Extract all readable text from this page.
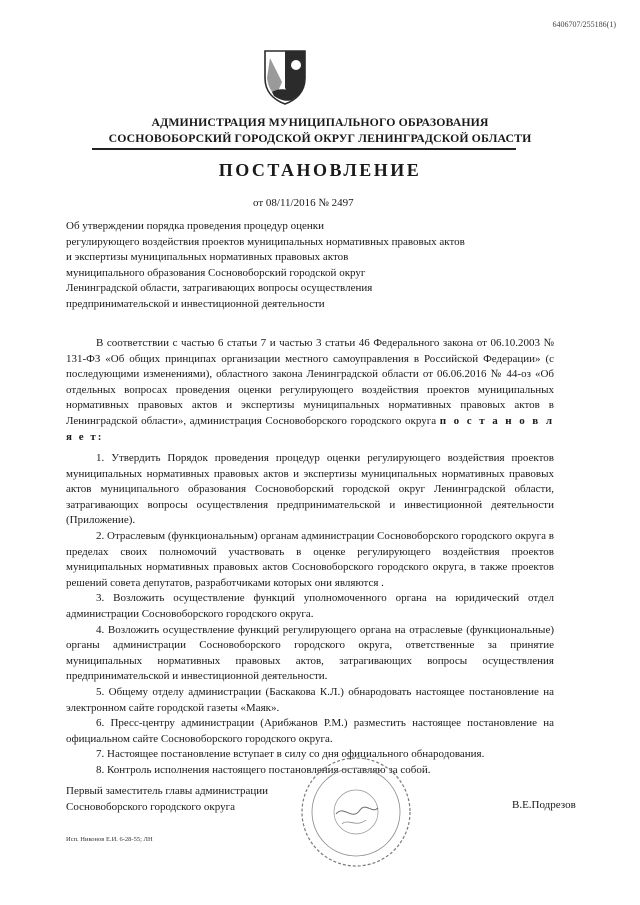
6406707/255186(1)
АДМИНИСТРАЦИЯ МУНИЦИПАЛЬНОГО ОБРАЗОВАНИЯ
СОСНОВОБОРСКИЙ ГОРОДСКОЙ ОКРУГ ЛЕНИНГРАДСКОЙ ОБЛАСТИ
ПОСТАНОВЛЕНИЕ
от 08/11/2016 № 2497
Об утверждении порядка проведения процедур оценки
регулирующего воздействия проектов муниципальных нормативных правовых актов
и экспертизы муниципальных нормативных правовых актов
муниципального образования Сосновоборский городской округ
Ленинградской области, затрагивающих вопросы осуществления
предпринимательской и инвестиционной деятельности

В соответствии с частью 6 статьи 7 и частью 3 статьи 46 Федерального закона от 06.10.2003 № 131-ФЗ «Об общих принципах организации местного самоуправления в Российской Федерации» (с последующими изменениями), областного закона Ленинградской области от 06.06.2016 № 44-оз «Об отдельных вопросах проведения оценки регулирующего воздействия проектов муниципальных нормативных правовых актов и экспертизы муниципальных нормативных правовых актов в Ленинградской области», администрация Сосновоборского городского округа п о с т а н о в л я е т:

1. Утвердить Порядок проведения процедур оценки регулирующего воздействия проектов муниципальных нормативных правовых актов и экспертизы муниципальных нормативных правовых актов муниципального образования Сосновоборский городской округ Ленинградской области, затрагивающих вопросы осуществления предпринимательской и инвестиционной деятельности (Приложение).

2. Отраслевым (функциональным) органам администрации Сосновоборского городского округа в пределах своих полномочий участвовать в оценке регулирующего воздействия проектов муниципальных нормативных правовых актов Сосновоборского городского округа, в также проектов решений совета депутатов, разработчиками которых они являются .

3. Возложить осуществление функций уполномоченного органа на юридический отдел администрации Сосновоборского городского округа.

4. Возложить осуществление функций регулирующего органа на отраслевые (функциональные) органы администрации Сосновоборского городского округа, ответственные за принятие муниципальных нормативных правовых актов, затрагивающих вопросы осуществления предпринимательской и инвестиционной деятельности.

5. Общему отделу администрации (Баскакова К.Л.) обнародовать настоящее постановление на электронном сайте городской газеты «Маяк».

6. Пресс-центру администрации (Арибжанов Р.М.) разместить настоящее постановление на официальном сайте Сосновоборского городского округа.

7. Настоящее постановление вступает в силу со дня официального обнародования.

8. Контроль исполнения настоящего постановления оставляю за собой.

Первый заместитель главы администрации
Сосновоборского городского округа	В.Е.Подрезов
Исп. Никонов Е.И. 6-28-55; ЛН
